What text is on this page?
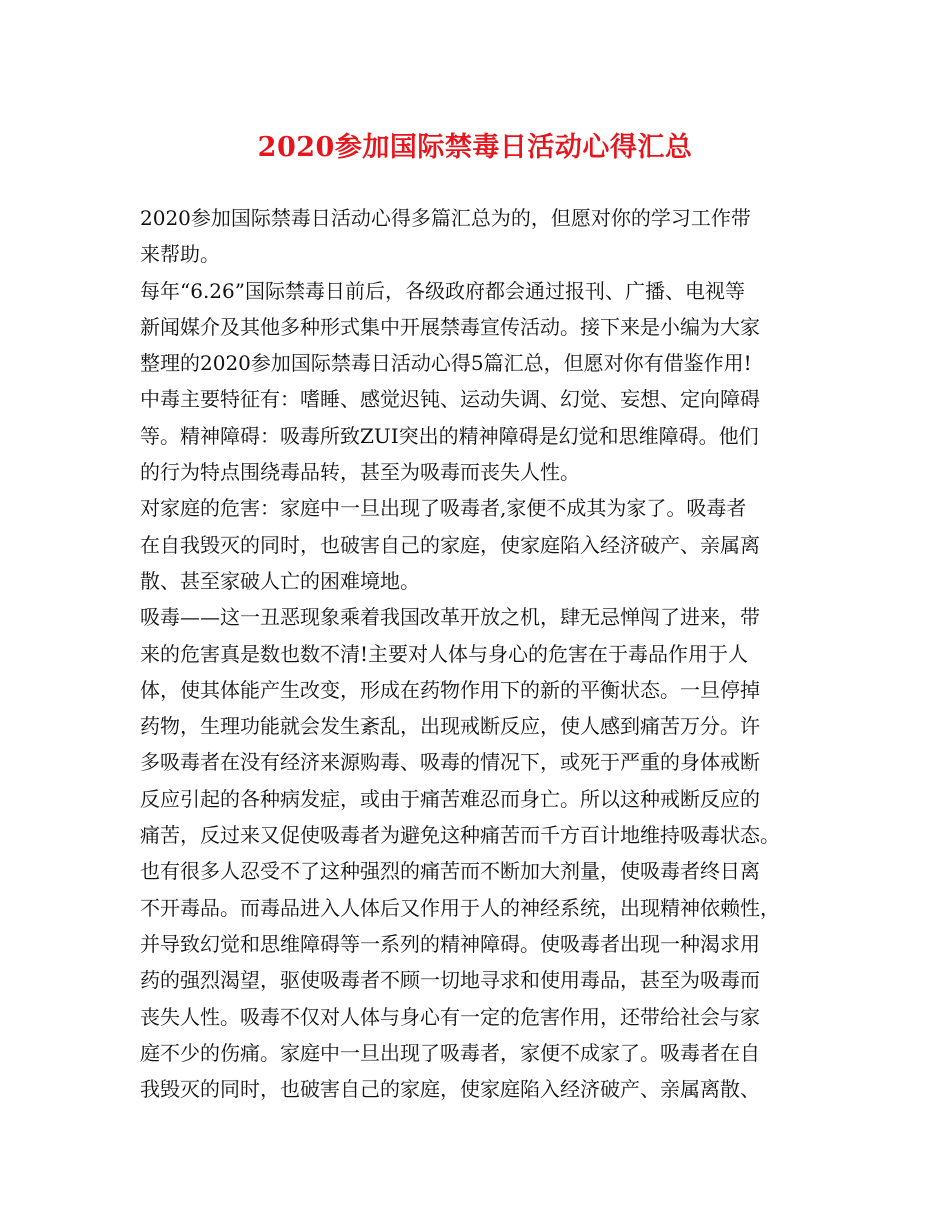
2020参加国际禁毒日活动心得汇总
2020参加国际禁毒日活动心得多篇汇总为的，但愿对你的学习工作带
来帮助。
每年“6.26”国际禁毒日前后，各级政府都会通过报刊、广播、电视等
新闻媒介及其他多种形式集中开展禁毒宣传活动。接下来是小编为大家
整理的2020参加国际禁毒日活动心得5篇汇总，但愿对你有借鉴作用!
中毒主要特征有：嗜睡、感觉迟钝、运动失调、幻觉、妄想、定向障碍
等。精神障碍：吸毒所致ZUI突出的精神障碍是幻觉和思维障碍。他们
的行为特点围绕毒品转，甚至为吸毒而丧失人性。
对家庭的危害：家庭中一旦出现了吸毒者,家便不成其为家了。吸毒者
在自我毁灭的同时，也破害自己的家庭，使家庭陷入经济破产、亲属离
散、甚至家破人亡的困难境地。
吸毒——这一丑恶现象乘着我国改革开放之机，肆无忌惮闯了进来，带
来的危害真是数也数不清!主要对人体与身心的危害在于毒品作用于人
体，使其体能产生改变，形成在药物作用下的新的平衡状态。一旦停掉
药物，生理功能就会发生紊乱，出现戒断反应，使人感到痛苦万分。许
多吸毒者在没有经济来源购毒、吸毒的情况下，或死于严重的身体戒断
反应引起的各种病发症，或由于痛苦难忍而身亡。所以这种戒断反应的
痛苦，反过来又促使吸毒者为避免这种痛苦而千方百计地维持吸毒状态。
也有很多人忍受不了这种强烈的痛苦而不断加大剂量，使吸毒者终日离
不开毒品。而毒品进入人体后又作用于人的神经系统，出现精神依赖性，
并导致幻觉和思维障碍等一系列的精神障碍。使吸毒者出现一种渴求用
药的强烈渴望，驱使吸毒者不顾一切地寻求和使用毒品，甚至为吸毒而
丧失人性。吸毒不仅对人体与身心有一定的危害作用，还带给社会与家
庭不少的伤痛。家庭中一旦出现了吸毒者，家便不成家了。吸毒者在自
我毁灭的同时，也破害自己的家庭，使家庭陷入经济破产、亲属离散、
